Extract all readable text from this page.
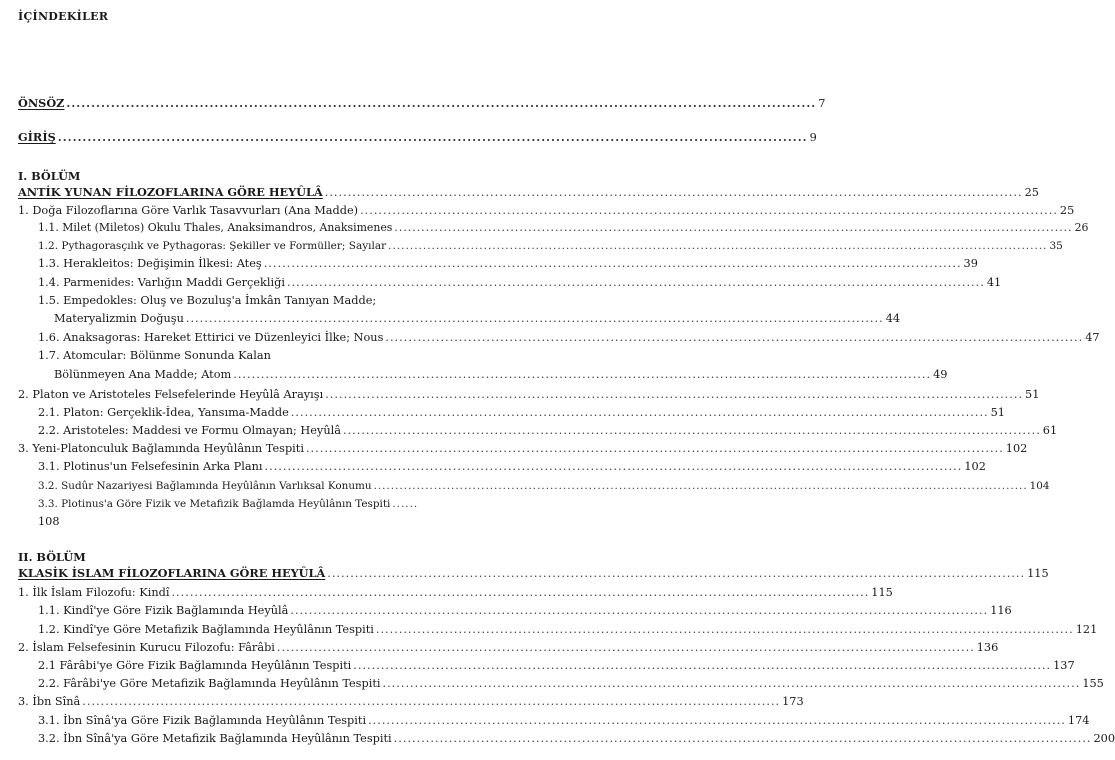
İÇİNDEKİLER
ÖNSÖZ ........................................................................................................................................................ 7
GİRİŞ ........................................................................................................................................................ 9
I. BÖLÜM
ANTİK YUNAN FİLOZOFLARINA GÖRE HEYÛLÂ ........................................................................................................................................................ 25
1. Doğa Filozoflarına Göre Varlık Tasavvurları (Ana Madde) ........................................................................................................................................................ 25
1.1. Milet (Miletos) Okulu Thales, Anaksimandros, Anaksimenes ........................................................................................................................................................ 26
1.2. Pythagorasçılık ve Pythagoras: Şekiller ve Formüller; Sayılar ........................................................................................................................................................ 35
1.3. Herakleitos: Değişimin İlkesi: Ateş ........................................................................................................................................................ 39
1.4. Parmenides: Varlığın Maddi Gerçekliği ........................................................................................................................................................ 41
1.5. Empedokles: Oluş ve Bozuluş'a İmkân Tanıyan Madde;
Materyalizmin Doğuşu ........................................................................................................................................................ 44
1.6. Anaksagoras: Hareket Ettirici ve Düzenleyici İlke; Nous ........................................................................................................................................................ 47
1.7. Atomcular: Bölünme Sonunda Kalan
Bölünmeyen Ana Madde; Atom ........................................................................................................................................................ 49
2. Platon ve Aristoteles Felsefelerinde Heyûlâ Arayışı ........................................................................................................................................................ 51
2.1. Platon: Gerçeklik-İdea, Yansıma-Madde ........................................................................................................................................................ 51
2.2. Aristoteles: Maddesi ve Formu Olmayan; Heyûlâ ........................................................................................................................................................ 61
3. Yeni-Platonculuk Bağlamında Heyûlânın Tespiti ........................................................................................................................................................ 102
3.1. Plotinus'un Felsefesinin Arka Planı ........................................................................................................................................................ 102
3.2. Sudûr Nazariyesi Bağlamında Heyûlânın Varlıksal Konumu ........................................................................................................................................................ 104
3.3. Plotinus'a Göre Fizik ve Metafizik Bağlamda Heyûlânın Tespiti ......
108
II. BÖLÜM
KLASİK İSLAM FİLOZOFLARINA GÖRE HEYÛLÂ ........................................................................................................................................................ 115
1. İlk İslam Filozofu: Kindî ........................................................................................................................................................ 115
1.1. Kindî'ye Göre Fizik Bağlamında Heyûlâ ........................................................................................................................................................ 116
1.2. Kindî'ye Göre Metafizik Bağlamında Heyûlânın Tespiti ........................................................................................................................................................ 121
2. İslam Felsefesinin Kurucu Filozofu: Fârâbi ........................................................................................................................................................ 136
2.1 Fârâbi'ye Göre Fizik Bağlamında Heyûlânın Tespiti ........................................................................................................................................................ 137
2.2. Fârâbi'ye Göre Metafizik Bağlamında Heyûlânın Tespiti ........................................................................................................................................................ 155
3. İbn Sînâ ........................................................................................................................................................ 173
3.1. İbn Sînâ'ya Göre Fizik Bağlamında Heyûlânın Tespiti ........................................................................................................................................................ 174
3.2. İbn Sînâ'ya Göre Metafizik Bağlamında Heyûlânın Tespiti ........................................................................................................................................................ 200
